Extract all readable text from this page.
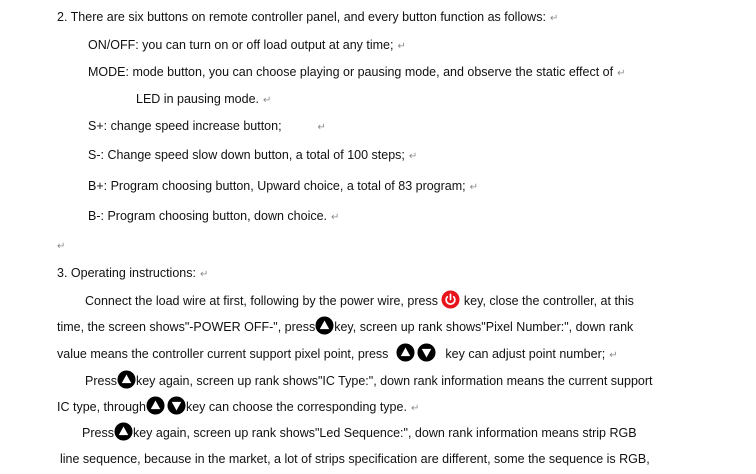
2. There are six buttons on remote controller panel, and every button function as follows: ↵
ON/OFF: you can turn on or off load output at any time; ↵
MODE: mode button, you can choose playing or pausing mode, and observe the static effect of ↵
LED in pausing mode. ↵
S+: change speed increase button;	↵
S-: Change speed slow down button, a total of 100 steps; ↵
B+: Program choosing button, Upward choice, a total of 83 program; ↵
B-: Program choosing button, down choice. ↵
↵
3. Operating instructions: ↵
Connect the load wire at first, following by the power wire, press key, close the controller, at this
time, the screen shows"-POWER OFF-", press key, screen up rank shows"Pixel Number:", down rank
value means the controller current support pixel point, press	key can adjust point number; ↵
Press key again, screen up rank shows"IC Type:", down rank information means the current support
IC type, through	key can choose the corresponding type. ↵
Press key again, screen up rank shows"Led Sequence:", down rank information means strip RGB
line sequence, because in the market, a lot of strips specification are different, some the sequence is RGB,
